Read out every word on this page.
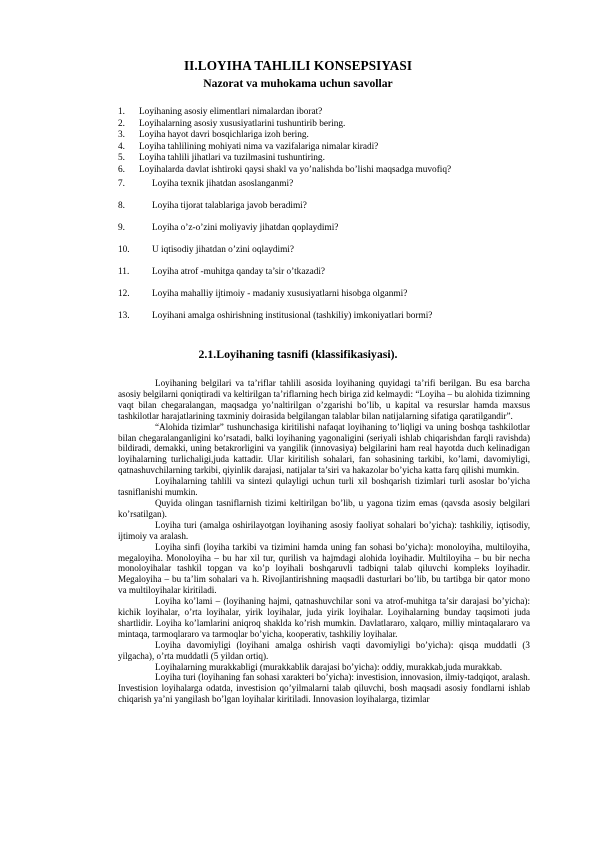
II.LOYIHA TAHLILI KONSEPSIYASI
Nazorat va muhokama uchun savollar
1. Loyihaning asosiy elimentlari nimalardan iborat?
2. Loyihalarning asosiy xususiyatlarini tushuntirib bering.
3. Loyiha hayot davri bosqichlariga izoh bering.
4. Loyiha tahlilining mohiyati nima va vazifalariga nimalar kiradi?
5. Loyiha tahlili jihatlari va tuzilmasini tushuntiring.
6. Loyihalarda davlat ishtiroki qaysi shakl va yo’nalishda bo’lishi maqsadga muvofiq?
7.	Loyiha texnik jihatdan asoslanganmi?
8.	Loyiha tijorat talablariga javob beradimi?
9.	Loyiha o’z-o’zini moliyaviy jihatdan qoplaydimi?
10. U iqtisodiy jihatdan o’zini oqlaydimi?
11. Loyiha atrof -muhitga qanday ta’sir o’tkazadi?
12. Loyiha mahalliy ijtimoiy - madaniy xususiyatlarni hisobga olganmi?
13. Loyihani amalga oshirishning institusional (tashkiliy) imkoniyatlari bormi?
2.1.Loyihaning tasnifi (klassifikasiyasi).

Loyihaning belgilari va ta’riflar tahlili asosida loyihaning quyidagi ta’rifi berilgan. Bu esa barcha asosiy belgilarni qoniqtiradi va keltirilgan ta’riflarning hech biriga zid kelmaydi: “Loyiha – bu alohida tizimning vaqt bilan chegaralangan, maqsadga yo’naltirilgan o’zgarishi bo’lib, u kapital va resurslar hamda maxsus tashkilotlar harajatlarining taxminiy doirasida belgilangan talablar bilan natijalarning sifatiga qaratilgandir”.

“Alohida tizimlar” tushunchasiga kiritilishi nafaqat loyihaning to’liqligi va uning boshqa tashkilotlar bilan chegaralanganligini ko’rsatadi, balki loyihaning yagonaligini (seriyali ishlab chiqarishdan farqli ravishda) bildiradi, demakki, uning betakrorligini va yangilik (innovasiya) belgilarini ham real hayotda duch kelinadigan loyihalarning turlichaligi,juda kattadir. Ular kiritilish sohalari, fan sohasining tarkibi, ko’lami, davomiyligi, qatnashuvchilarning tarkibi, qiyinlik darajasi, natijalar ta’siri va hakazolar bo’yicha katta farq qilishi mumkin.

Loyihalarning tahlili va sintezi qulayligi uchun turli xil boshqarish tizimlari turli asoslar bo’yicha tasniflanishi mumkin.

Quyida olingan tasniflarnish tizimi keltirilgan bo’lib, u yagona tizim emas (qavsda asosiy belgilari ko’rsatilgan).

Loyiha turi (amalga oshirilayotgan loyihaning asosiy faoliyat sohalari bo’yicha): tashkiliy, iqtisodiy, ijtimoiy va aralash.

Loyiha sinfi (loyiha tarkibi va tizimini hamda uning fan sohasi bo’yicha): monoloyiha, multiloyiha, megaloyiha. Monoloyiha – bu har xil tur, qurilish va hajmdagi alohida loyihadir. Multiloyiha – bu bir necha monoloyihalar tashkil topgan va ko’p loyihali boshqaruvli tadbiqni talab qiluvchi kompleks loyihadir. Megaloyiha – bu ta’lim sohalari va h. Rivojlantirishning maqsadli dasturlari bo’lib, bu tartibga bir qator mono va multiloyihalar kiritiladi.

Loyiha ko’lami – (loyihaning hajmi, qatnashuvchilar soni va atrof-muhitga ta’sir darajasi bo’yicha): kichik loyihalar, o’rta loyihalar, yirik loyihalar, juda yirik loyihalar. Loyihalarning bunday taqsimoti juda shartlidir. Loyiha ko’lamlarini aniqroq shaklda ko’rish mumkin. Davlatlararo, xalqaro, milliy mintaqalararo va mintaqa, tarmoqlararo va tarmoqlar bo’yicha, kooperativ, tashkiliy loyihalar.

Loyiha davomiyligi (loyihani amalga oshirish vaqti davomiyligi bo’yicha): qisqa muddatli (3 yilgacha), o’rta muddatli (5 yildan ortiq).

Loyihalarning murakkabligi (murakkablik darajasi bo’yicha): oddiy, murakkab,juda murakkab.

Loyiha turi (loyihaning fan sohasi xarakteri bo’yicha): investision, innovasion, ilmiy-tadqiqot, aralash. Investision loyihalarga odatda, investision qo’yilmalarni talab qiluvchi, bosh maqsadi asosiy fondlarni ishlab chiqarish ya’ni yangilash bo’lgan loyihalar kiritiladi. Innovasion loyihalarga, tizimlar
